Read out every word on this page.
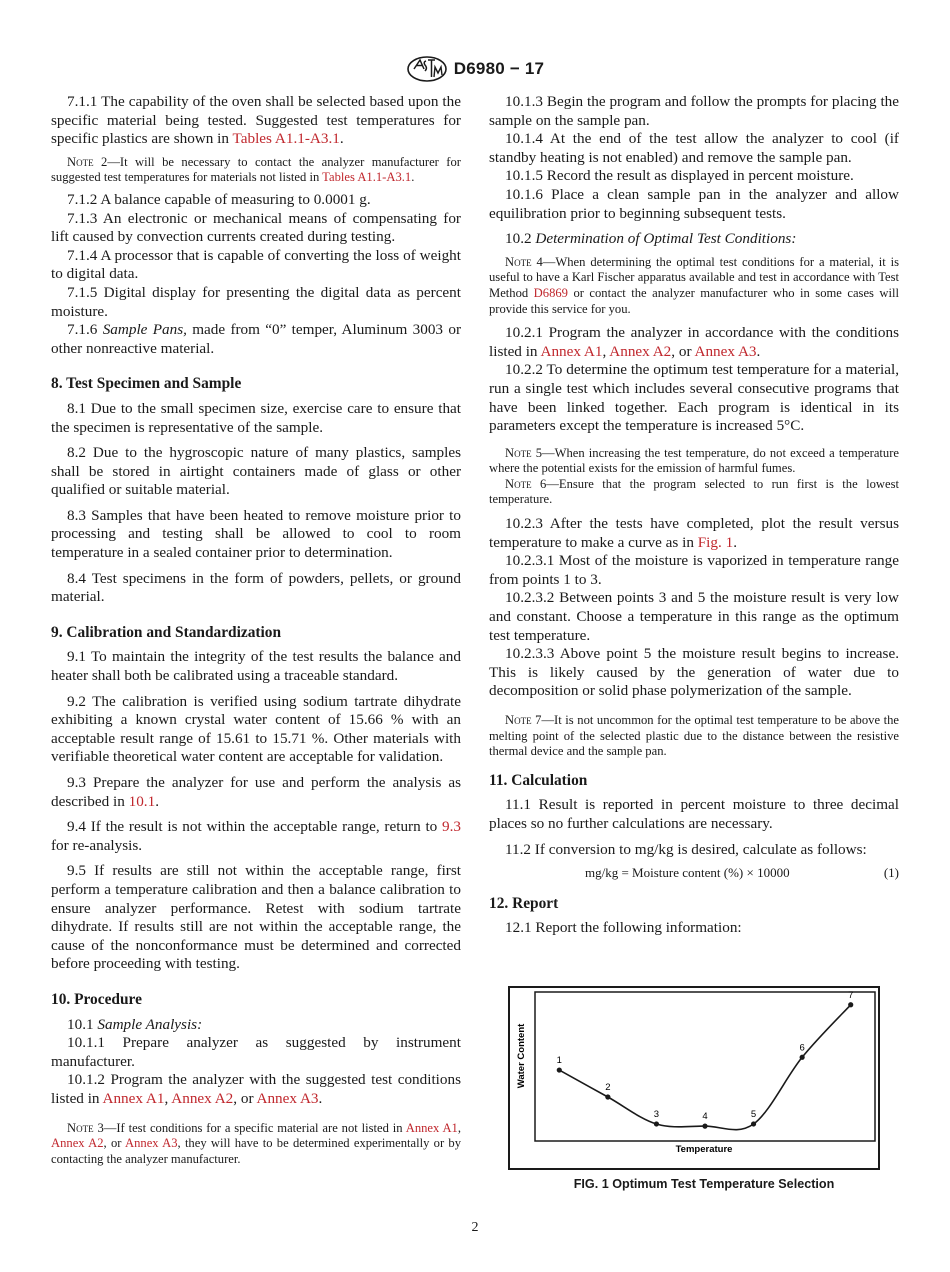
D6980 − 17

7.1.1 The capability of the oven shall be selected based upon the specific material being tested. Suggested test temperatures for specific plastics are shown in Tables A1.1-A3.1.

Note 2—It will be necessary to contact the analyzer manufacturer for suggested test temperatures for materials not listed in Tables A1.1-A3.1.

7.1.2 A balance capable of measuring to 0.0001 g.

7.1.3 An electronic or mechanical means of compensating for lift caused by convection currents created during testing.

7.1.4 A processor that is capable of converting the loss of weight to digital data.

7.1.5 Digital display for presenting the digital data as percent moisture.

7.1.6 Sample Pans, made from “0” temper, Aluminum 3003 or other nonreactive material.

8. Test Specimen and Sample

8.1 Due to the small specimen size, exercise care to ensure that the specimen is representative of the sample.

8.2 Due to the hygroscopic nature of many plastics, samples shall be stored in airtight containers made of glass or other qualified or suitable material.

8.3 Samples that have been heated to remove moisture prior to processing and testing shall be allowed to cool to room temperature in a sealed container prior to determination.

8.4 Test specimens in the form of powders, pellets, or ground material.

9. Calibration and Standardization

9.1 To maintain the integrity of the test results the balance and heater shall both be calibrated using a traceable standard.

9.2 The calibration is verified using sodium tartrate dihydrate exhibiting a known crystal water content of 15.66 % with an acceptable result range of 15.61 to 15.71 %. Other materials with verifiable theoretical water content are acceptable for validation.

9.3 Prepare the analyzer for use and perform the analysis as described in 10.1.

9.4 If the result is not within the acceptable range, return to 9.3 for re-analysis.

9.5 If results are still not within the acceptable range, first perform a temperature calibration and then a balance calibration to ensure analyzer performance. Retest with sodium tartrate dihydrate. If results still are not within the acceptable range, the cause of the nonconformance must be determined and corrected before proceeding with testing.

10. Procedure

10.1 Sample Analysis:

10.1.1 Prepare analyzer as suggested by instrument manufacturer.

10.1.2 Program the analyzer with the suggested test conditions listed in Annex A1, Annex A2, or Annex A3.

Note 3—If test conditions for a specific material are not listed in Annex A1, Annex A2, or Annex A3, they will have to be determined experimentally or by contacting the analyzer manufacturer.

10.1.3 Begin the program and follow the prompts for placing the sample on the sample pan.

10.1.4 At the end of the test allow the analyzer to cool (if standby heating is not enabled) and remove the sample pan.

10.1.5 Record the result as displayed in percent moisture.

10.1.6 Place a clean sample pan in the analyzer and allow equilibration prior to beginning subsequent tests.

10.2 Determination of Optimal Test Conditions:

Note 4—When determining the optimal test conditions for a material, it is useful to have a Karl Fischer apparatus available and test in accordance with Test Method D6869 or contact the analyzer manufacturer who in some cases will provide this service for you.

10.2.1 Program the analyzer in accordance with the conditions listed in Annex A1, Annex A2, or Annex A3.

10.2.2 To determine the optimum test temperature for a material, run a single test which includes several consecutive programs that have been linked together. Each program is identical in its parameters except the temperature is increased 5°C.

Note 5—When increasing the test temperature, do not exceed a temperature where the potential exists for the emission of harmful fumes.

Note 6—Ensure that the program selected to run first is the lowest temperature.

10.2.3 After the tests have completed, plot the result versus temperature to make a curve as in Fig. 1.

10.2.3.1 Most of the moisture is vaporized in temperature range from points 1 to 3.

10.2.3.2 Between points 3 and 5 the moisture result is very low and constant. Choose a temperature in this range as the optimum test temperature.

10.2.3.3 Above point 5 the moisture result begins to increase. This is likely caused by the generation of water due to decomposition or solid phase polymerization of the sample.

Note 7—It is not uncommon for the optimal test temperature to be above the melting point of the selected plastic due to the distance between the resistive thermal device and the sample pan.

11. Calculation

11.1 Result is reported in percent moisture to three decimal places so no further calculations are necessary.

11.2 If conversion to mg/kg is desired, calculate as follows:

mg/kg = Moisture content (%) × 10000	(1)
12. Report

12.1 Report the following information:

1
2
3	4	5
6
7
Temperature
Water Content
FIG. 1 Optimum Test Temperature Selection
2
